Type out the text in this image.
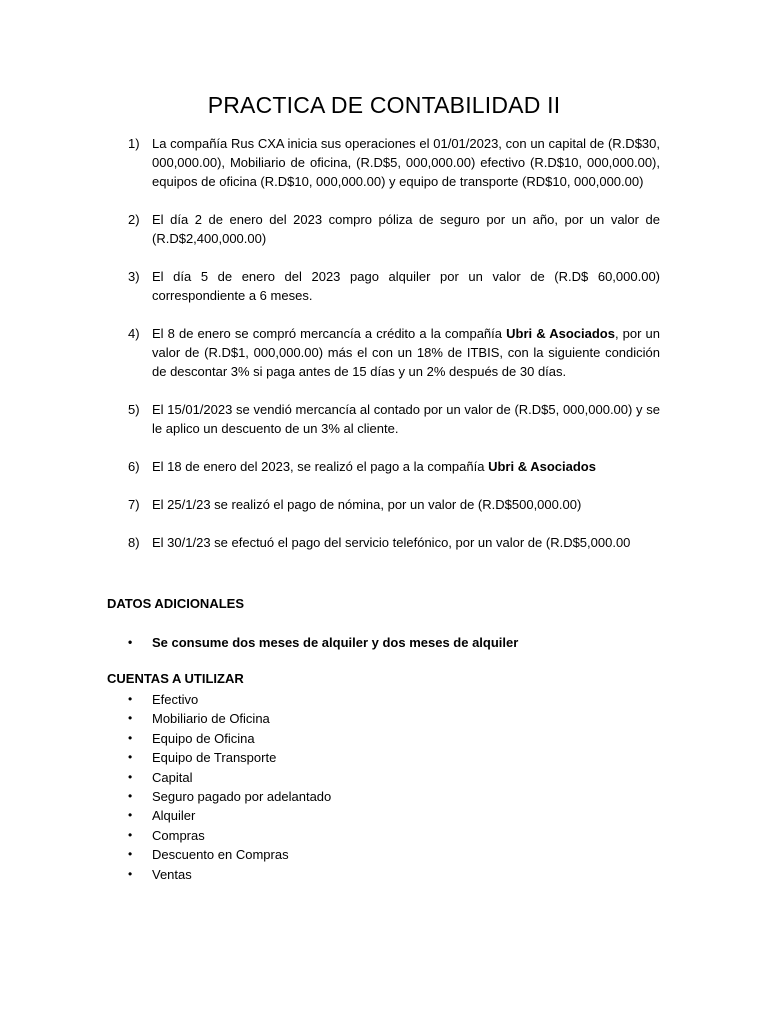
PRACTICA DE CONTABILIDAD II
1) La compañía Rus CXA inicia sus operaciones el 01/01/2023, con un capital de (R.D$30, 000,000.00), Mobiliario de oficina, (R.D$5, 000,000.00) efectivo (R.D$10, 000,000.00), equipos de oficina (R.D$10, 000,000.00) y equipo de transporte (RD$10, 000,000.00)
2) El día 2 de enero del 2023 compro póliza de seguro por un año, por un valor de (R.D$2,400,000.00)
3) El día 5 de enero del 2023 pago alquiler por un valor de (R.D$ 60,000.00) correspondiente a 6 meses.
4) El 8 de enero se compró mercancía a crédito a la compañía Ubri & Asociados, por un valor de (R.D$1, 000,000.00) más el con un 18% de ITBIS, con la siguiente condición de descontar 3% si paga antes de 15 días y un 2% después de 30 días.
5) El 15/01/2023 se vendió mercancía al contado por un valor de (R.D$5, 000,000.00) y se le aplico un descuento de un 3% al cliente.
6) El 18 de enero del 2023, se realizó el pago a la compañía Ubri & Asociados
7) El 25/1/23 se realizó el pago de nómina, por un valor de (R.D$500,000.00)
8) El 30/1/23 se efectuó el pago del servicio telefónico, por un valor de (R.D$5,000.00
DATOS ADICIONALES
• Se consume dos meses de alquiler y dos meses de alquiler
CUENTAS A UTILIZAR
• Efectivo
• Mobiliario de Oficina
• Equipo de Oficina
• Equipo de Transporte
• Capital
• Seguro pagado por adelantado
• Alquiler
• Compras
• Descuento en Compras
• Ventas
